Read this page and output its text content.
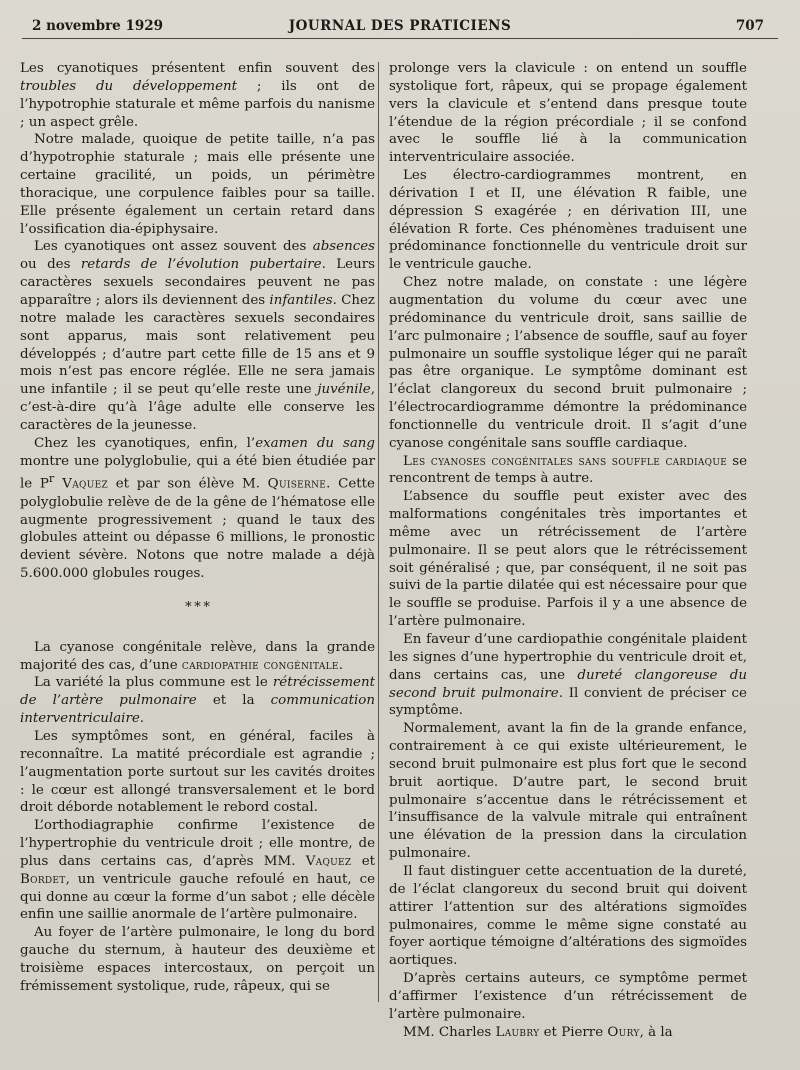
2 novembre 1929	JOURNAL DES PRATICIENS	707

Les cyanotiques présentent enfin souvent des troubles du développement ; ils ont de l’hypotrophie staturale et même parfois du nanisme ; un aspect grêle.

Notre malade, quoique de petite taille, n’a pas d’hypotrophie staturale ; mais elle présente une certaine gracilité, un poids, un périmètre thoracique, une corpulence faibles pour sa taille. Elle présente également un certain retard dans l’ossification dia-épiphysaire.

Les cyanotiques ont assez souvent des absences ou des retards de l’évolution pubertaire. Leurs caractères sexuels secondaires peuvent ne pas apparaître ; alors ils deviennent des infantiles. Chez notre malade les caractères sexuels secondaires sont apparus, mais sont relativement peu développés ; d’autre part cette fille de 15 ans et 9 mois n’est pas encore réglée. Elle ne sera jamais une infantile ; il se peut qu’elle reste une juvénile, c’est-à-dire qu’à l’âge adulte elle conserve les caractères de la jeunesse.

Chez les cyanotiques, enfin, l’examen du sang montre une polyglobulie, qui a été bien étudiée par le $P^r$ Vaquez et par son élève M. Quiserne. Cette polyglobulie relève de de la gêne de l’hématose elle augmente progressivement ; quand le taux des globules atteint ou dépasse 6 millions, le pronostic devient sévère. Notons que notre malade a déjà 5.600.000 globules rouges.

* * *

La cyanose congénitale relève, dans la grande majorité des cas, d’une cardiopathie congénitale.

La variété la plus commune est le rétrécissement de l’artère pulmonaire et la communication interventriculaire.

Les symptômes sont, en général, faciles à reconnaître. La matité précordiale est agrandie ; l’augmentation porte surtout sur les cavités droites : le cœur est allongé transversalement et le bord droit déborde notablement le rebord costal.

L’orthodiagraphie confirme l’existence de l’hypertrophie du ventricule droit ; elle montre, de plus dans certains cas, d’après MM. Vaquez et Bordet, un ventricule gauche refoulé en haut, ce qui donne au cœur la forme d’un sabot ; elle décèle enfin une saillie anormale de l’artère pulmonaire.

Au foyer de l’artère pulmonaire, le long du bord gauche du sternum, à hauteur des deuxième et troisième espaces intercostaux, on perçoit un frémissement systolique, rude, râpeux, qui se

prolonge vers la clavicule : on entend un souffle systolique fort, râpeux, qui se propage également vers la clavicule et s’entend dans presque toute l’étendue de la région précordiale ; il se confond avec le souffle lié à la communication interventriculaire associée.

Les électro-cardiogrammes montrent, en dérivation I et II, une élévation R faible, une dépression S exagérée ; en dérivation III, une élévation R forte. Ces phénomènes traduisent une prédominance fonctionnelle du ventricule droit sur le ventricule gauche.

Chez notre malade, on constate : une légère augmentation du volume du cœur avec une prédominance du ventricule droit, sans saillie de l’arc pulmonaire ; l’absence de souffle, sauf au foyer pulmonaire un souffle systolique léger qui ne paraît pas être organique. Le symptôme dominant est l’éclat clangoreux du second bruit pulmonaire ; l’électrocardiogramme démontre la prédominance fonctionnelle du ventricule droit. Il s’agit d’une cyanose congénitale sans souffle cardiaque.

Les cyanoses congénitales sans souffle cardiaque se rencontrent de temps à autre.

L’absence du souffle peut exister avec des malformations congénitales très importantes et même avec un rétrécissement de l’artère pulmonaire. Il se peut alors que le rétrécissement soit généralisé ; que, par conséquent, il ne soit pas suivi de la partie dilatée qui est nécessaire pour que le souffle se produise. Parfois il y a une absence de l’artère pulmonaire.

En faveur d’une cardiopathie congénitale plaident les signes d’une hypertrophie du ventricule droit et, dans certains cas, une dureté clangoreuse du second bruit pulmonaire. Il convient de préciser ce symptôme.

Normalement, avant la fin de la grande enfance, contrairement à ce qui existe ultérieurement, le second bruit pulmonaire est plus fort que le second bruit aortique. D’autre part, le second bruit pulmonaire s’accentue dans le rétrécissement et l’insuffisance de la valvule mitrale qui entraînent une élévation de la pression dans la circulation pulmonaire.

Il faut distinguer cette accentuation de la dureté, de l’éclat clangoreux du second bruit qui doivent attirer l’attention sur des altérations sigmoïdes pulmonaires, comme le même signe constaté au foyer aortique témoigne d’altérations des sigmoïdes aortiques.

D’après certains auteurs, ce symptôme permet d’affirmer l’existence d’un rétrécissement de l’artère pulmonaire.

MM. Charles Laubry et Pierre Oury, à la
